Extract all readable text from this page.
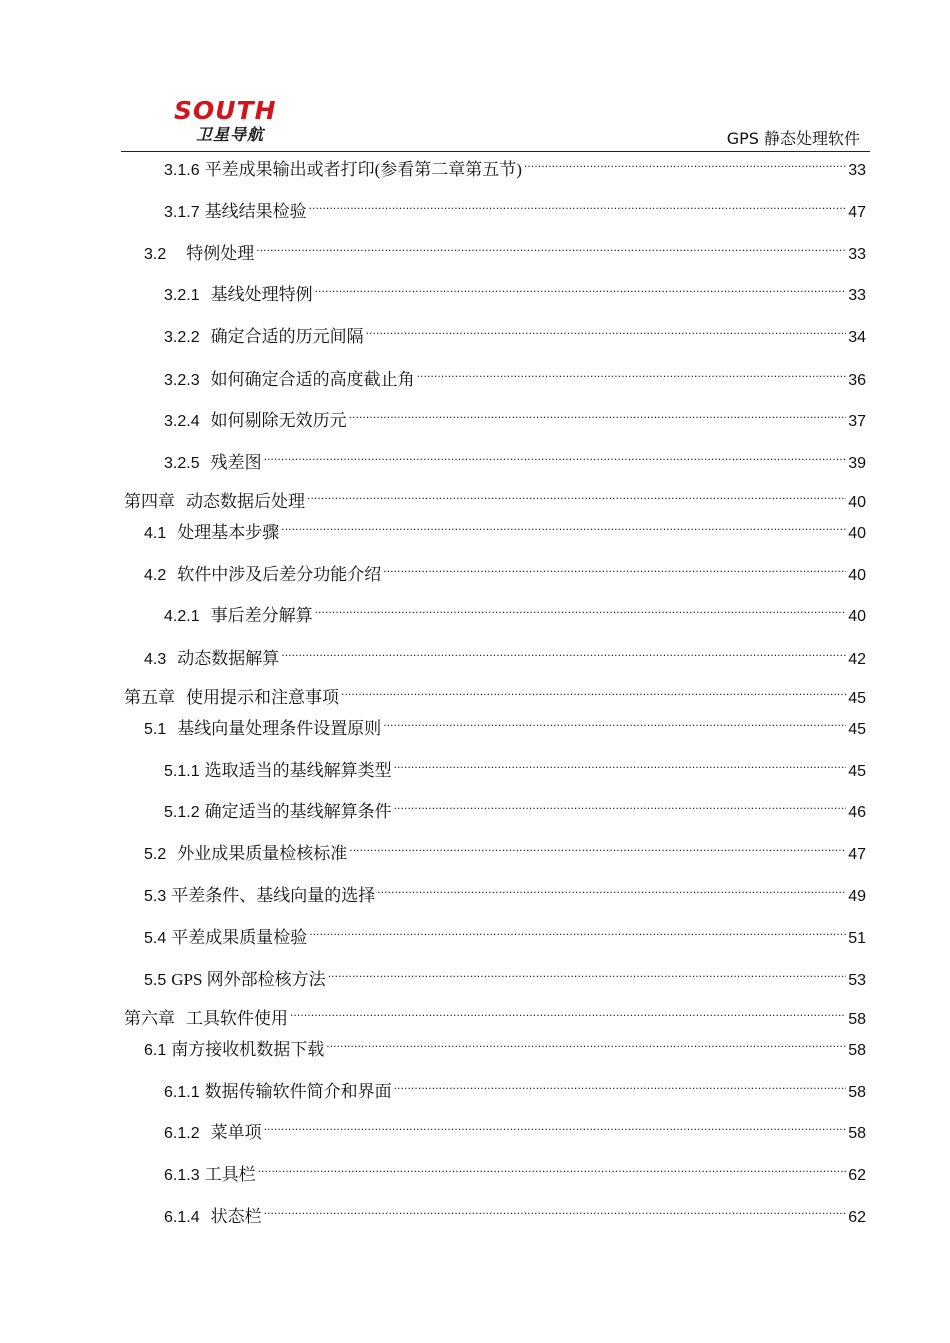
SOUTH
卫星导航	GPS 静态处理软件
3.1.6 平差成果输出或者打印(参看第二章第五节) . . .	33
3.1.7 基线结果检验 . . .	47
3.2 特例处理 . . .	33
3.2.1 基线处理特例 . . .	33
3.2.2 确定合适的历元间隔 . . .	34
3.2.3 如何确定合适的高度截止角 . . .	36
3.2.4 如何剔除无效历元 . . .	37
3.2.5 残差图 . . .	39
第四章 动态数据后处理 . . .	40
4.1 处理基本步骤 . . .	40
4.2 软件中涉及后差分功能介绍 . . .	40
4.2.1 事后差分解算 . . .	40
4.3 动态数据解算 . . .	42
第五章 使用提示和注意事项 . . .	45
5.1 基线向量处理条件设置原则 . . .	45
5.1.1 选取适当的基线解算类型 . . .	45
5.1.2 确定适当的基线解算条件 . . .	46
5.2 外业成果质量检核标准 . . .	47
5.3 平差条件、基线向量的选择 . . .	49
5.4 平差成果质量检验 . . .	51
5.5 GPS 网外部检核方法 . . .	53
第六章 工具软件使用 . . .	58
6.1 南方接收机数据下载 . . .	58
6.1.1 数据传输软件简介和界面 . . .	58
6.1.2 菜单项 . . .	58
6.1.3 工具栏 . . .	62
6.1.4 状态栏 . . .	62
